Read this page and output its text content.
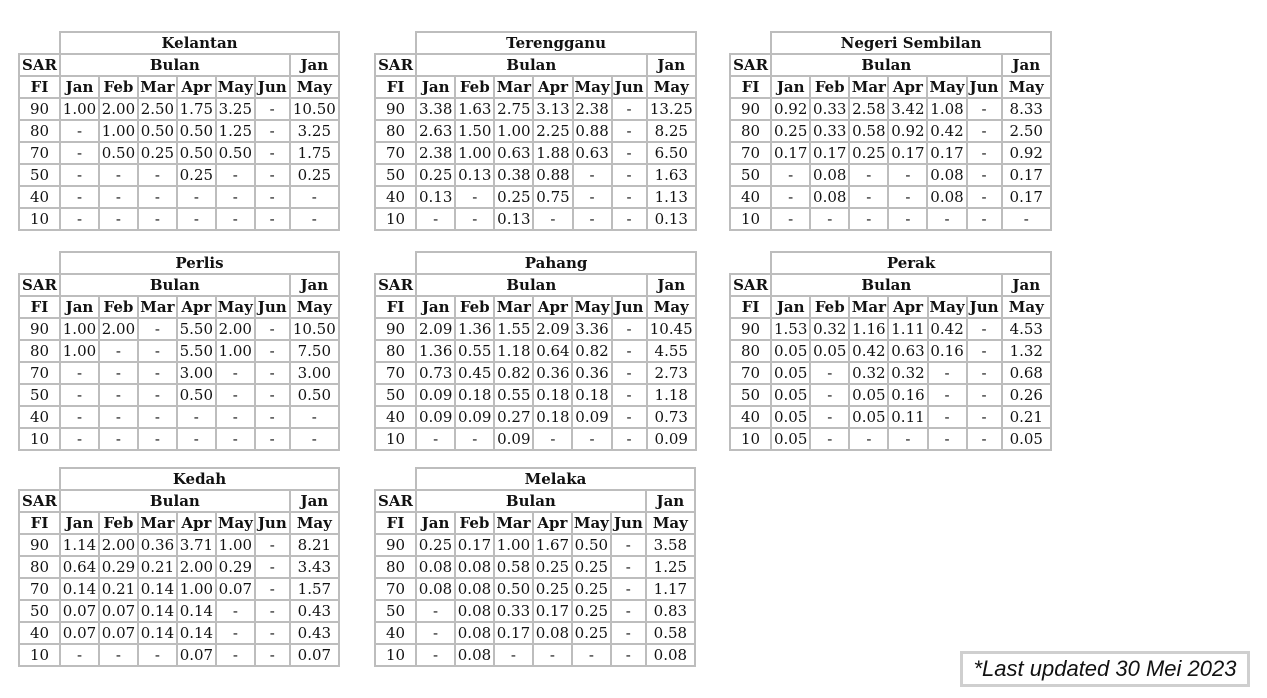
	Kelantan						
SAR	Bulan						Jan
FI	Jan	Feb	Mar	Apr	May	Jun	May
90	1.00	2.00	2.50	1.75	3.25	-	10.50
80	-	1.00	0.50	0.50	1.25	-	3.25
70	-	0.50	0.25	0.50	0.50	-	1.75
50	-	-	-	0.25	-	-	0.25
40	-	-	-	-	-	-	-
10	-	-	-	-	-	-	-
	Terengganu						
SAR	Bulan						Jan
FI	Jan	Feb	Mar	Apr	May	Jun	May
90	3.38	1.63	2.75	3.13	2.38	-	13.25
80	2.63	1.50	1.00	2.25	0.88	-	8.25
70	2.38	1.00	0.63	1.88	0.63	-	6.50
50	0.25	0.13	0.38	0.88	-	-	1.63
40	0.13	-	0.25	0.75	-	-	1.13
10	-	-	0.13	-	-	-	0.13
	Negeri Sembilan						
SAR	Bulan						Jan
FI	Jan	Feb	Mar	Apr	May	Jun	May
90	0.92	0.33	2.58	3.42	1.08	-	8.33
80	0.25	0.33	0.58	0.92	0.42	-	2.50
70	0.17	0.17	0.25	0.17	0.17	-	0.92
50	-	0.08	-	-	0.08	-	0.17
40	-	0.08	-	-	0.08	-	0.17
10	-	-	-	-	-	-	-
	Perlis						
SAR	Bulan						Jan
FI	Jan	Feb	Mar	Apr	May	Jun	May
90	1.00	2.00	-	5.50	2.00	-	10.50
80	1.00	-	-	5.50	1.00	-	7.50
70	-	-	-	3.00	-	-	3.00
50	-	-	-	0.50	-	-	0.50
40	-	-	-	-	-	-	-
10	-	-	-	-	-	-	-
	Pahang						
SAR	Bulan						Jan
FI	Jan	Feb	Mar	Apr	May	Jun	May
90	2.09	1.36	1.55	2.09	3.36	-	10.45
80	1.36	0.55	1.18	0.64	0.82	-	4.55
70	0.73	0.45	0.82	0.36	0.36	-	2.73
50	0.09	0.18	0.55	0.18	0.18	-	1.18
40	0.09	0.09	0.27	0.18	0.09	-	0.73
10	-	-	0.09	-	-	-	0.09
	Perak						
SAR	Bulan						Jan
FI	Jan	Feb	Mar	Apr	May	Jun	May
90	1.53	0.32	1.16	1.11	0.42	-	4.53
80	0.05	0.05	0.42	0.63	0.16	-	1.32
70	0.05	-	0.32	0.32	-	-	0.68
50	0.05	-	0.05	0.16	-	-	0.26
40	0.05	-	0.05	0.11	-	-	0.21
10	0.05	-	-	-	-	-	0.05
	Kedah						
SAR	Bulan						Jan
FI	Jan	Feb	Mar	Apr	May	Jun	May
90	1.14	2.00	0.36	3.71	1.00	-	8.21
80	0.64	0.29	0.21	2.00	0.29	-	3.43
70	0.14	0.21	0.14	1.00	0.07	-	1.57
50	0.07	0.07	0.14	0.14	-	-	0.43
40	0.07	0.07	0.14	0.14	-	-	0.43
10	-	-	-	0.07	-	-	0.07
	Melaka						
SAR	Bulan						Jan
FI	Jan	Feb	Mar	Apr	May	Jun	May
90	0.25	0.17	1.00	1.67	0.50	-	3.58
80	0.08	0.08	0.58	0.25	0.25	-	1.25
70	0.08	0.08	0.50	0.25	0.25	-	1.17
50	-	0.08	0.33	0.17	0.25	-	0.83
40	-	0.08	0.17	0.08	0.25	-	0.58
10	-	0.08	-	-	-	-	0.08
*Last updated 30 Mei 2023
